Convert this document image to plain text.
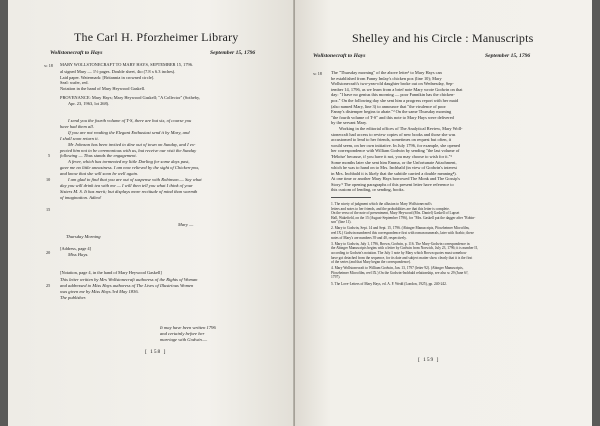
The Carl H. Pforzheimer Library
Wollstonecraft to Hays	September 15, 1796
sc 18 MARY WOLLSTONECRAFT TO MARY HAYS, SEPTEMBER 15, 1796.
al signed Mary — 1½ pages. Double sheet, 4to (7.8 x 6.3 inches).
Laid paper. Watermark: [Britannia in crowned circle].
Seal: wafer, red.
Notation in the hand of Mary Heywood Gaskell.
PROVENANCE: Mary Hays; Mary Heywood Gaskell; "A Collector" (Sotheby,
Apr. 23, 1963, lot 268).
I send you the fourth volume of T-S, there are but six, of course you
have had them all.
If you are not reading the Elegant Enthusiast send it by Mary, and
I shall soon return it.
Mr Johnson has been invited to dine out of town on Sunday, and I ex-
pected him not to be ceremonious with us, but receive our visit the Sunday
following — Thus stands the engagement.
A fever, which has tormented my little Darling for some days past,
gave me no little uneasiness. I am now relieved by the sight of Chicken-pox,
and know that she will soon be well again.
I am glad to find that you are out of suspense with Robinson.— Say what
day you will drink tea with me — I will then tell you what I think of your
Sisters M. S. It has merit; but displays more rectitude of mind than warmth
of imagination. Adieu!
5
10
15
20
25
Mary —
Thursday Morning
[Address, page 4]
Miss Hays.
[Notation, page 4, in the hand of Mary Heywood Gaskell]
This letter written by Mrs Wollstonecraft authoress of the Rights of Woman
and addressed to Miss Hays authoress of The Lives of Illustrious Women
was given me by Miss Hays 3rd May 1836.
The publisher.
It may have been written 1796
and certainly before her
marriage with Godwin.—
[ 158 ]
Shelley and his Circle : Manuscripts
Wollstonecraft to Hays	September 15, 1796
sc 18 The "Thursday morning" of the above letter¹ to Mary Hays can
be established from Fanny Imlay's chicken pox (line 10); Mary
Wollstonecraft's two-year-old daughter broke out on Wednesday, Sep-
tember 14, 1796, as we learn from a brief note Mary wrote Godwin on that
day: "I have no genius this morning — poor Fannikin has the chicken-
pox." On the following day she sent him a progress report with her maid
(also named Mary, line 3) to announce that "the virulence of poor
Fanny's distemper begins to abate."² On the same Thursday morning
"the fourth volume of T-S" and this note to Mary Hays were delivered
by the servant Mary.
Working in the editorial offices of The Analytical Review, Mary Woll-
stonecraft had access to review copies of new books and those she was
accustomed to lend to her friends, sometimes on request but often, it
would seem, on her own initiative. In July 1796, for example, she opened
her correspondence with William Godwin by sending "the last volume of
'Héloïse' because, if you have it not, you may choose to wish for it."³
Some months later she sent him Emma, or the Unfortunate Attachment,
which he was to hand on to Mrs. Inchbald (in view of Godwin's interest
in Mrs. Inchbald it is likely that the subtitle carried a double meaning⁴).
At one time or another Mary Hays borrowed The Monk and The Gossip's
Story.⁵ The opening paragraphs of this present letter have reference to
this custom of lending, or sending, books.
1. The nicety of judgment which the allusion to Mary Wollstonecraft's
letters and notes to her friends, and the probabilities are that this letter is complete.
On the verso of the note of presentment, Mary Heywood (Mrs. Daniel) Gaskell of Lupset
Hall, Wakefield, on the 15 (August-September 1796), for "Mrs. Gaskell put the dagger after "Robin-
son" (line 11).
2. Mary to Godwin, Sept. 14 and Sept. 15, 1796. (Abinger Manuscripts, Pforzheimer Microfilm,
reel IX.) Godwin numbered this correspondence first with roman numerals, later with Arabic; these
notes of Mary's are numbers 39 and 40, respectively.
3. Mary to Godwin, July 1, 1796, Brown, Godwin, p. 116. The Mary-Godwin correspondence in
the Abinger Manuscripts begins with a letter by Godwin from Norwich, July 23, 1796; it is number II,
according to Godwin's notation. The July 1 note by Mary which Brown quotes must somehow
have got detached from the sequence, for its date and subject matter show clearly that it is the first
of the series (and that Mary began the correspondence).
4. Mary Wollstonecraft to William Godwin, Jan. 13, 1797 (letter 92). (Abinger Manuscripts,
Pforzheimer Microfilm, reel IX.) On the Godwin-Inchbald relationship, see also sc 29 (June 6?,
1797).
5. The Love-Letters of Mary Hays, ed. A. F. Wedd (London, 1925), pp. 240-242.
[ 159 ]
